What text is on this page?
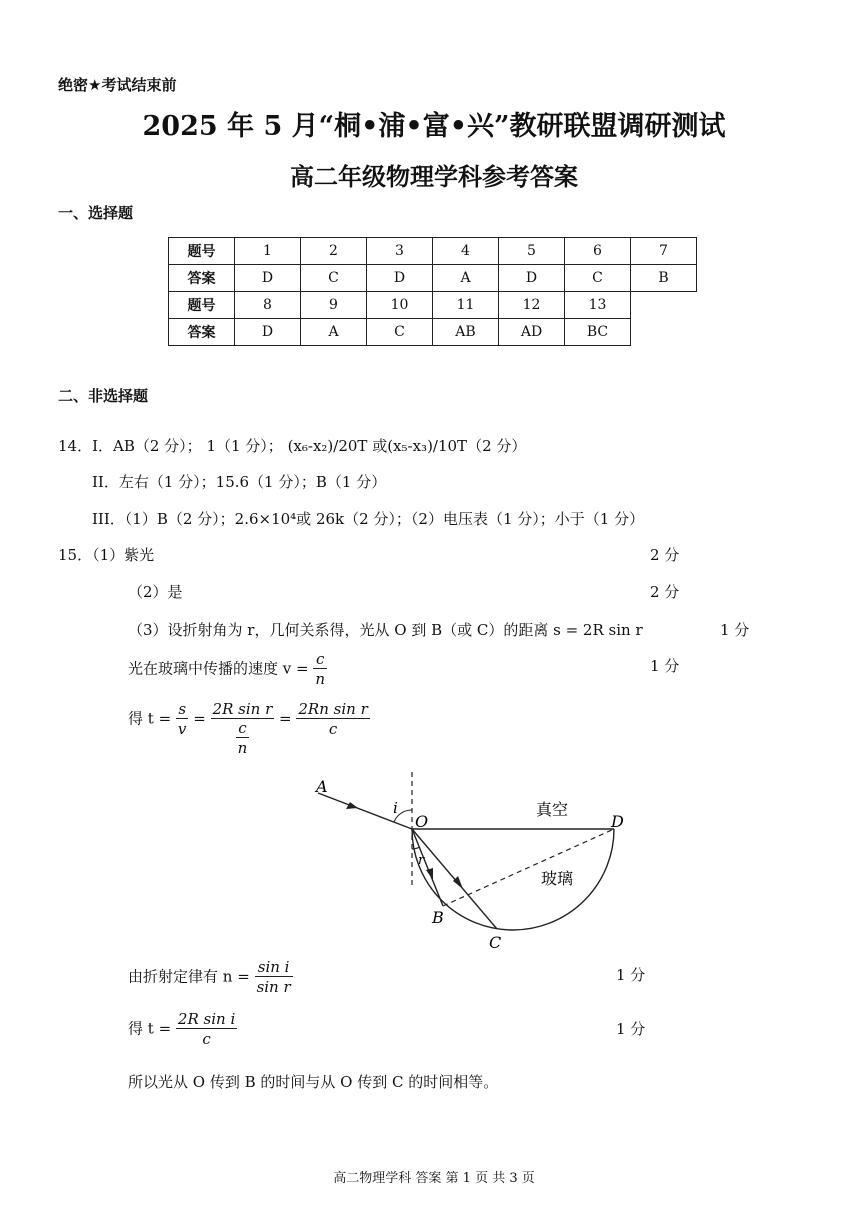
绝密★考试结束前
2025 年 5 月“桐•浦•富•兴”教研联盟调研测试
高二年级物理学科参考答案
一、选择题
题号	1	2	3	4	5	6	7
答案	D	C	D	A	D	C	B
题号	8	9	10	11	12	13	
答案	D	A	C	AB	AD	BC	
二、非选择题
14．I．AB（2 分）； 1（1 分）； (x₆-x₂)/20T 或(x₅-x₃)/10T（2 分）
II．左右（1 分）；15.6（1 分）；B（1 分）
III．（1）B（2 分）；2.6×10⁴或 26k（2 分）；（2）电压表（1 分）；小于（1 分）
15．（1）紫光	2 分
（2）是	2 分
（3）设折射角为 r，几何关系得，光从 O 到 B（或 C）的距离 s = 2R sin r	1 分
光在玻璃中传播的速度 $v = \frac{c}{n}$	1 分
得 $t = \frac{s}{v} = \frac{\text{2R sin r}}{\frac{c}{n}} = \frac{\text{2Rn sin r}}{c}$
A
i
O
r
D
B
C
真空
玻璃
由折射定律有 $n = \frac{\text{sin i}}{\text{sin r}}$	1 分
得 $t = \frac{\text{2R sin i}}{c}$	1 分
所以光从 O 传到 B 的时间与从 O 传到 C 的时间相等。
高二物理学科 答案 第 1 页 共 3 页
